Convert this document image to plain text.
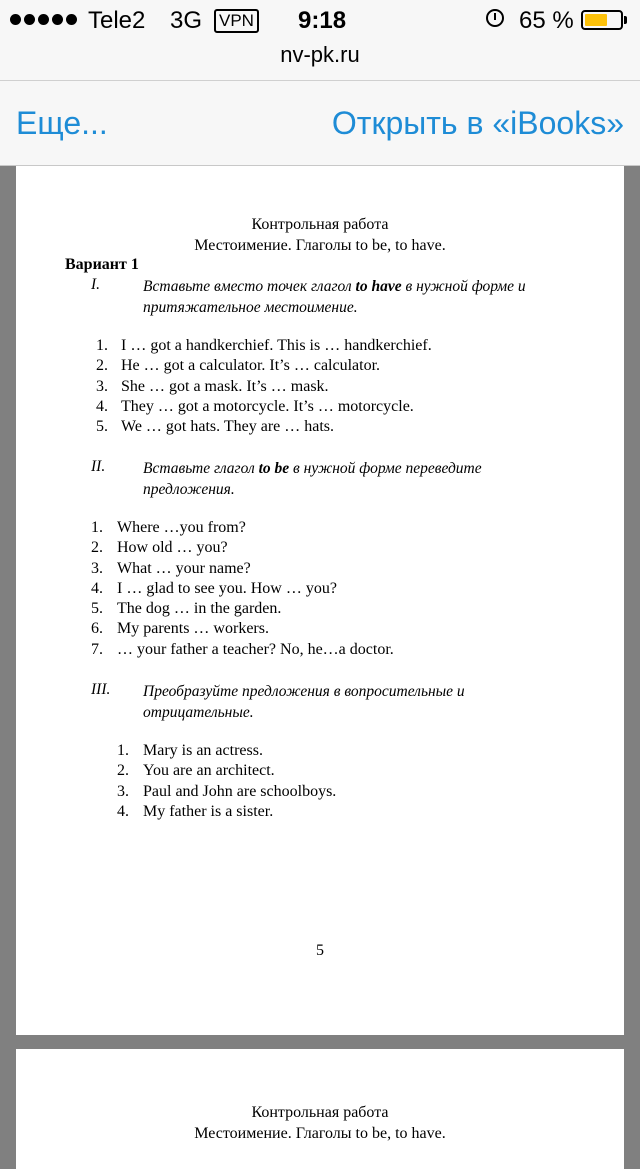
Tele2 3G VPN 9:18	65 %
nv-pk.ru
Еще...	Открыть в «iBooks»
Контрольная работа
Местоимение. Глаголы to be, to have.
Вариант 1
I.	Вставьте вместо точек глагол to have в нужной форме и притяжательное местоимение.
1. I … got a handkerchief. This is … handkerchief.
2. He … got a calculator. It’s … calculator.
3. She … got a mask. It’s … mask.
4. They … got a motorcycle. It’s … motorcycle.
5. We … got hats. They are … hats.
II. Вставьте глагол to be в нужной форме переведите предложения.
1. Where …you from?
2. How old … you?
3. What … your name?
4. I … glad to see you. How … you?
5. The dog … in the garden.
6. My parents … workers.
7. … your father a teacher? No, he…a doctor.
III. Преобразуйте предложения в вопросительные и отрицательные.
1. Mary is an actress.
2. You are an architect.
3. Paul and John are schoolboys.
4. My father is a sister.
5
Контрольная работа
Местоимение. Глаголы to be, to have.
